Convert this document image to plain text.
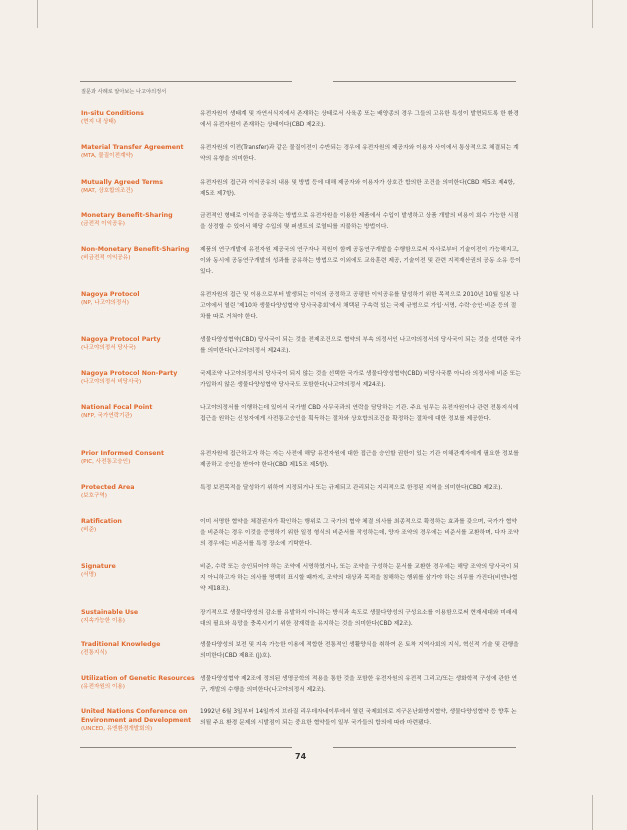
질문과 사례로 알아보는 나고야의정서
In-situ Conditions
(현지 내 상태)
유전자원이 생태계 및 자연서식지에서 존재하는 상태로서 사육종 또는 배양종의 경우 그들의 고유한 특성이 발현되도록 한 환경에서 유전자원이 존재하는 상태이다(CBD 제2조).
Material Transfer Agreement
(MTA, 물질이전계약)
유전자원의 이전(Transfer)과 같은 물질이전이 수반되는 경우에 유전자원의 제공자와 이용자 사이에서 통상적으로 체결되는 계약의 유형을 의미한다.
Mutually Agreed Terms
(MAT, 상호합의조건)
유전자원의 접근과 이익공유의 내용 및 방법 등에 대해 제공자와 이용자가 상호간 합의한 조건을 의미한다(CBD 제5조 제4항, 제5조 제7항).
Monetary Benefit-Sharing
(금전적 이익공유)
금전적인 형태로 이익을 공유하는 방법으로 유전자원을 이용한 제품에서 수입이 발생하고 상품 개발의 비용이 회수 가능한 시점을 상정할 수 있어서 해당 수입의 몇 퍼센트의 로열티를 지불하는 방법이다.
Non-Monetary Benefit-Sharing
(비금전적 이익공유)
제품의 연구개발에 유전자원 제공국의 연구자나 직원이 함께 공동연구개발을 수행함으로써 자사로부터 기술이전이 가능해지고, 이와 동시에 공동연구개발의 성과를 공유하는 방법으로 이외에도 교육훈련 제공, 기술이전 및 관련 지적재산권의 공동 소유 등이 있다.
Nagoya Protocol
(NP, 나고야의정서)
유전자원의 접근 및 이용으로부터 발생되는 이익의 공정하고 공평한 이익공유를 달성하기 위한 목적으로 2010년 10월 일본 나고야에서 열린 '제10차 생물다양성협약 당사국총회'에서 채택된 구속력 있는 국제 규범으로 가입·서명, 수락·승인·비준 등의 절차를 따로 거쳐야 한다.
Nagoya Protocol Party
(나고야의정서 당사국)
생물다양성협약(CBD) 당사국이 되는 것을 전제조건으로 협약의 부속 의정서인 나고야의정서의 당사국이 되는 것을 선택한 국가를 의미한다(나고야의정서 제24조).
Nagoya Protocol Non-Party
(나고야의정서 비당사국)
국제조약 나고야의정서의 당사국이 되지 않는 것을 선택한 국가로 생물다양성협약(CBD) 비당사국뿐 아니라 의정서에 비준 또는 가입하지 않은 생물다양성협약 당사국도 포함한다(나고야의정서 제24조).
National Focal Point
(NFP, 국가연락기관)
나고야의정서를 이행하는데 있어서 국가별 CBD 사무국과의 연락을 담당하는 기관. 주요 임무는 유전자원이나 관련 전통지식에 접근을 원하는 신청자에게 사전통고승인을 획득하는 절차와 상호합의조건을 확정하는 절차에 대한 정보를 제공한다.
Prior Informed Consent
(PIC, 사전통고승인)
유전자원에 접근하고자 하는 자는 사전에 해당 유전자원에 대한 접근을 승인할 권한이 있는 기관 이해관계자에게 필요한 정보를 제공하고 승인을 받아야 한다(CBD 제15조 제5항).
Protected Area
(보호구역)
특정 보전목적을 달성하기 위하여 지정되거나 또는 규제되고 관리되는 지리적으로 한정된 지역을 의미한다(CBD 제2조).
Ratification
(비준)
이미 서명한 협약을 체결권자가 확인하는 행위로 그 국가의 협약 체결 의사를 최종적으로 확정하는 효과를 갖으며, 국가가 협약을 비준하는 경우 이것을 증명하기 위한 일정 형식의 비준서를 작성하는데, 양자 조약의 경우에는 비준서를 교환하며, 다자 조약의 경우에는 비준서를 특정 장소에 기탁한다.
Signature
(서명)
비준, 수락 또는 승인되어야 하는 조약에 서명하였거나, 또는 조약을 구성하는 문서를 교환한 경우에는 해당 조약의 당사국이 되지 아니하고자 하는 의사를 명백히 표시할 때까지, 조약의 대상과 목적을 침해하는 행위를 삼가야 하는 의무를 가진다(비엔나협약 제18조).
Sustainable Use
(지속가능한 이용)
장기적으로 생물다양성의 감소를 유발하지 아니하는 방식과 속도로 생물다양성의 구성요소를 이용함으로써 현재세대와 미래세대의 필요와 욕망을 충족시키기 위한 잠재력을 유지하는 것을 의미한다(CBD 제2조).
Traditional Knowledge
(전통지식)
생물다양성의 보전 및 지속 가능한 이용에 적합한 전통적인 생활양식을 취하여 온 토착 지역사회의 지식, 혁신적 기술 및 관행을 의미한다(CBD 제8조 (j)호).
Utilization of Genetic Resources
(유전자원의 이용)
생물다양성협약 제2조에 정의된 생명공학의 적용을 통한 것을 포함한 유전자원의 유전적 그리고/또는 생화학적 구성에 관한 연구, 개발의 수행을 의미한다(나고야의정서 제2조).
United Nations Conference on Environment and Development
(UNCED, 유엔환경개발회의)
1992년 6월 3일부터 14일까지 브라질 리우데자네이루에서 열린 국제회의로 지구온난화방지협약, 생물다양성협약 등 향후 논의될 주요 환경 문제의 시발점이 되는 중요한 협약들이 일부 국가들의 합의에 따라 마련됐다.
74
